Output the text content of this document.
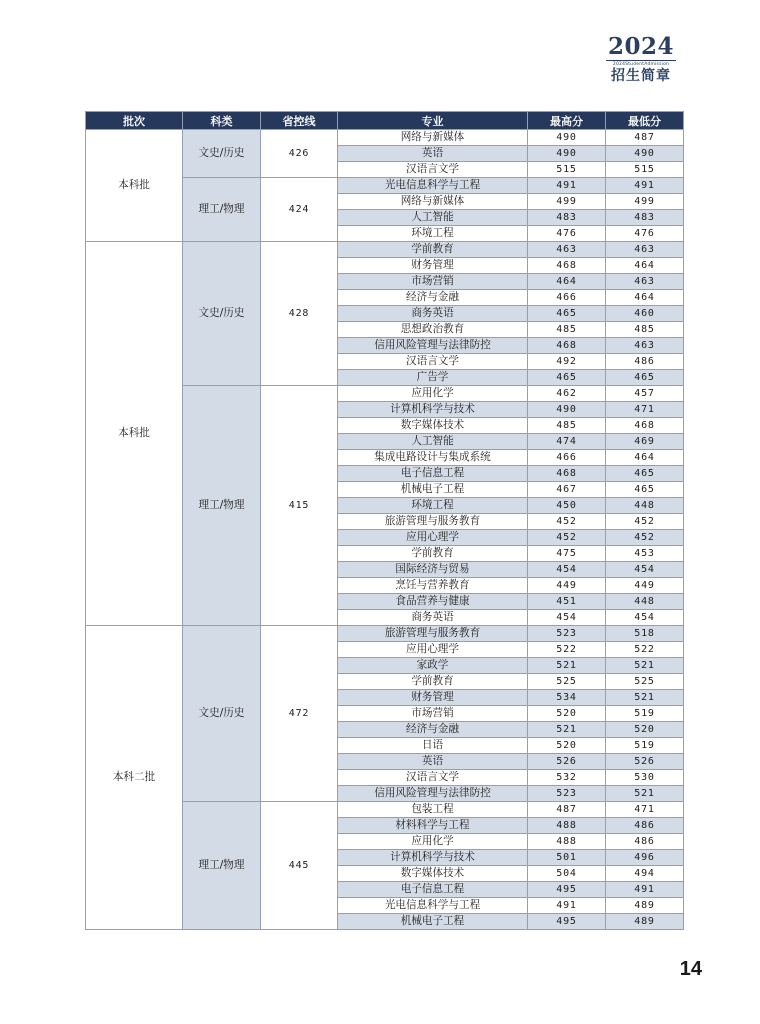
2024
2024StudentAdmission
招生简章
批次	科类	省控线	专业	最高分	最低分
本科批	文史/历史	426	网络与新媒体	490	487
			英语	490	490
			汉语言文学	515	515
	理工/物理	424	光电信息科学与工程	491	491
			网络与新媒体	499	499
			人工智能	483	483
			环境工程	476	476
本科批	文史/历史	428	学前教育	463	463
			财务管理	468	464
			市场营销	464	463
			经济与金融	466	464
			商务英语	465	460
			思想政治教育	485	485
			信用风险管理与法律防控	468	463
			汉语言文学	492	486
			广告学	465	465
	理工/物理	415	应用化学	462	457
			计算机科学与技术	490	471
			数字媒体技术	485	468
			人工智能	474	469
			集成电路设计与集成系统	466	464
			电子信息工程	468	465
			机械电子工程	467	465
			环境工程	450	448
			旅游管理与服务教育	452	452
			应用心理学	452	452
			学前教育	475	453
			国际经济与贸易	454	454
			烹饪与营养教育	449	449
			食品营养与健康	451	448
			商务英语	454	454
本科二批	文史/历史	472	旅游管理与服务教育	523	518
			应用心理学	522	522
			家政学	521	521
			学前教育	525	525
			财务管理	534	521
			市场营销	520	519
			经济与金融	521	520
			日语	520	519
			英语	526	526
			汉语言文学	532	530
			信用风险管理与法律防控	523	521
	理工/物理	445	包装工程	487	471
			材料科学与工程	488	486
			应用化学	488	486
			计算机科学与技术	501	496
			数字媒体技术	504	494
			电子信息工程	495	491
			光电信息科学与工程	491	489
			机械电子工程	495	489
14
